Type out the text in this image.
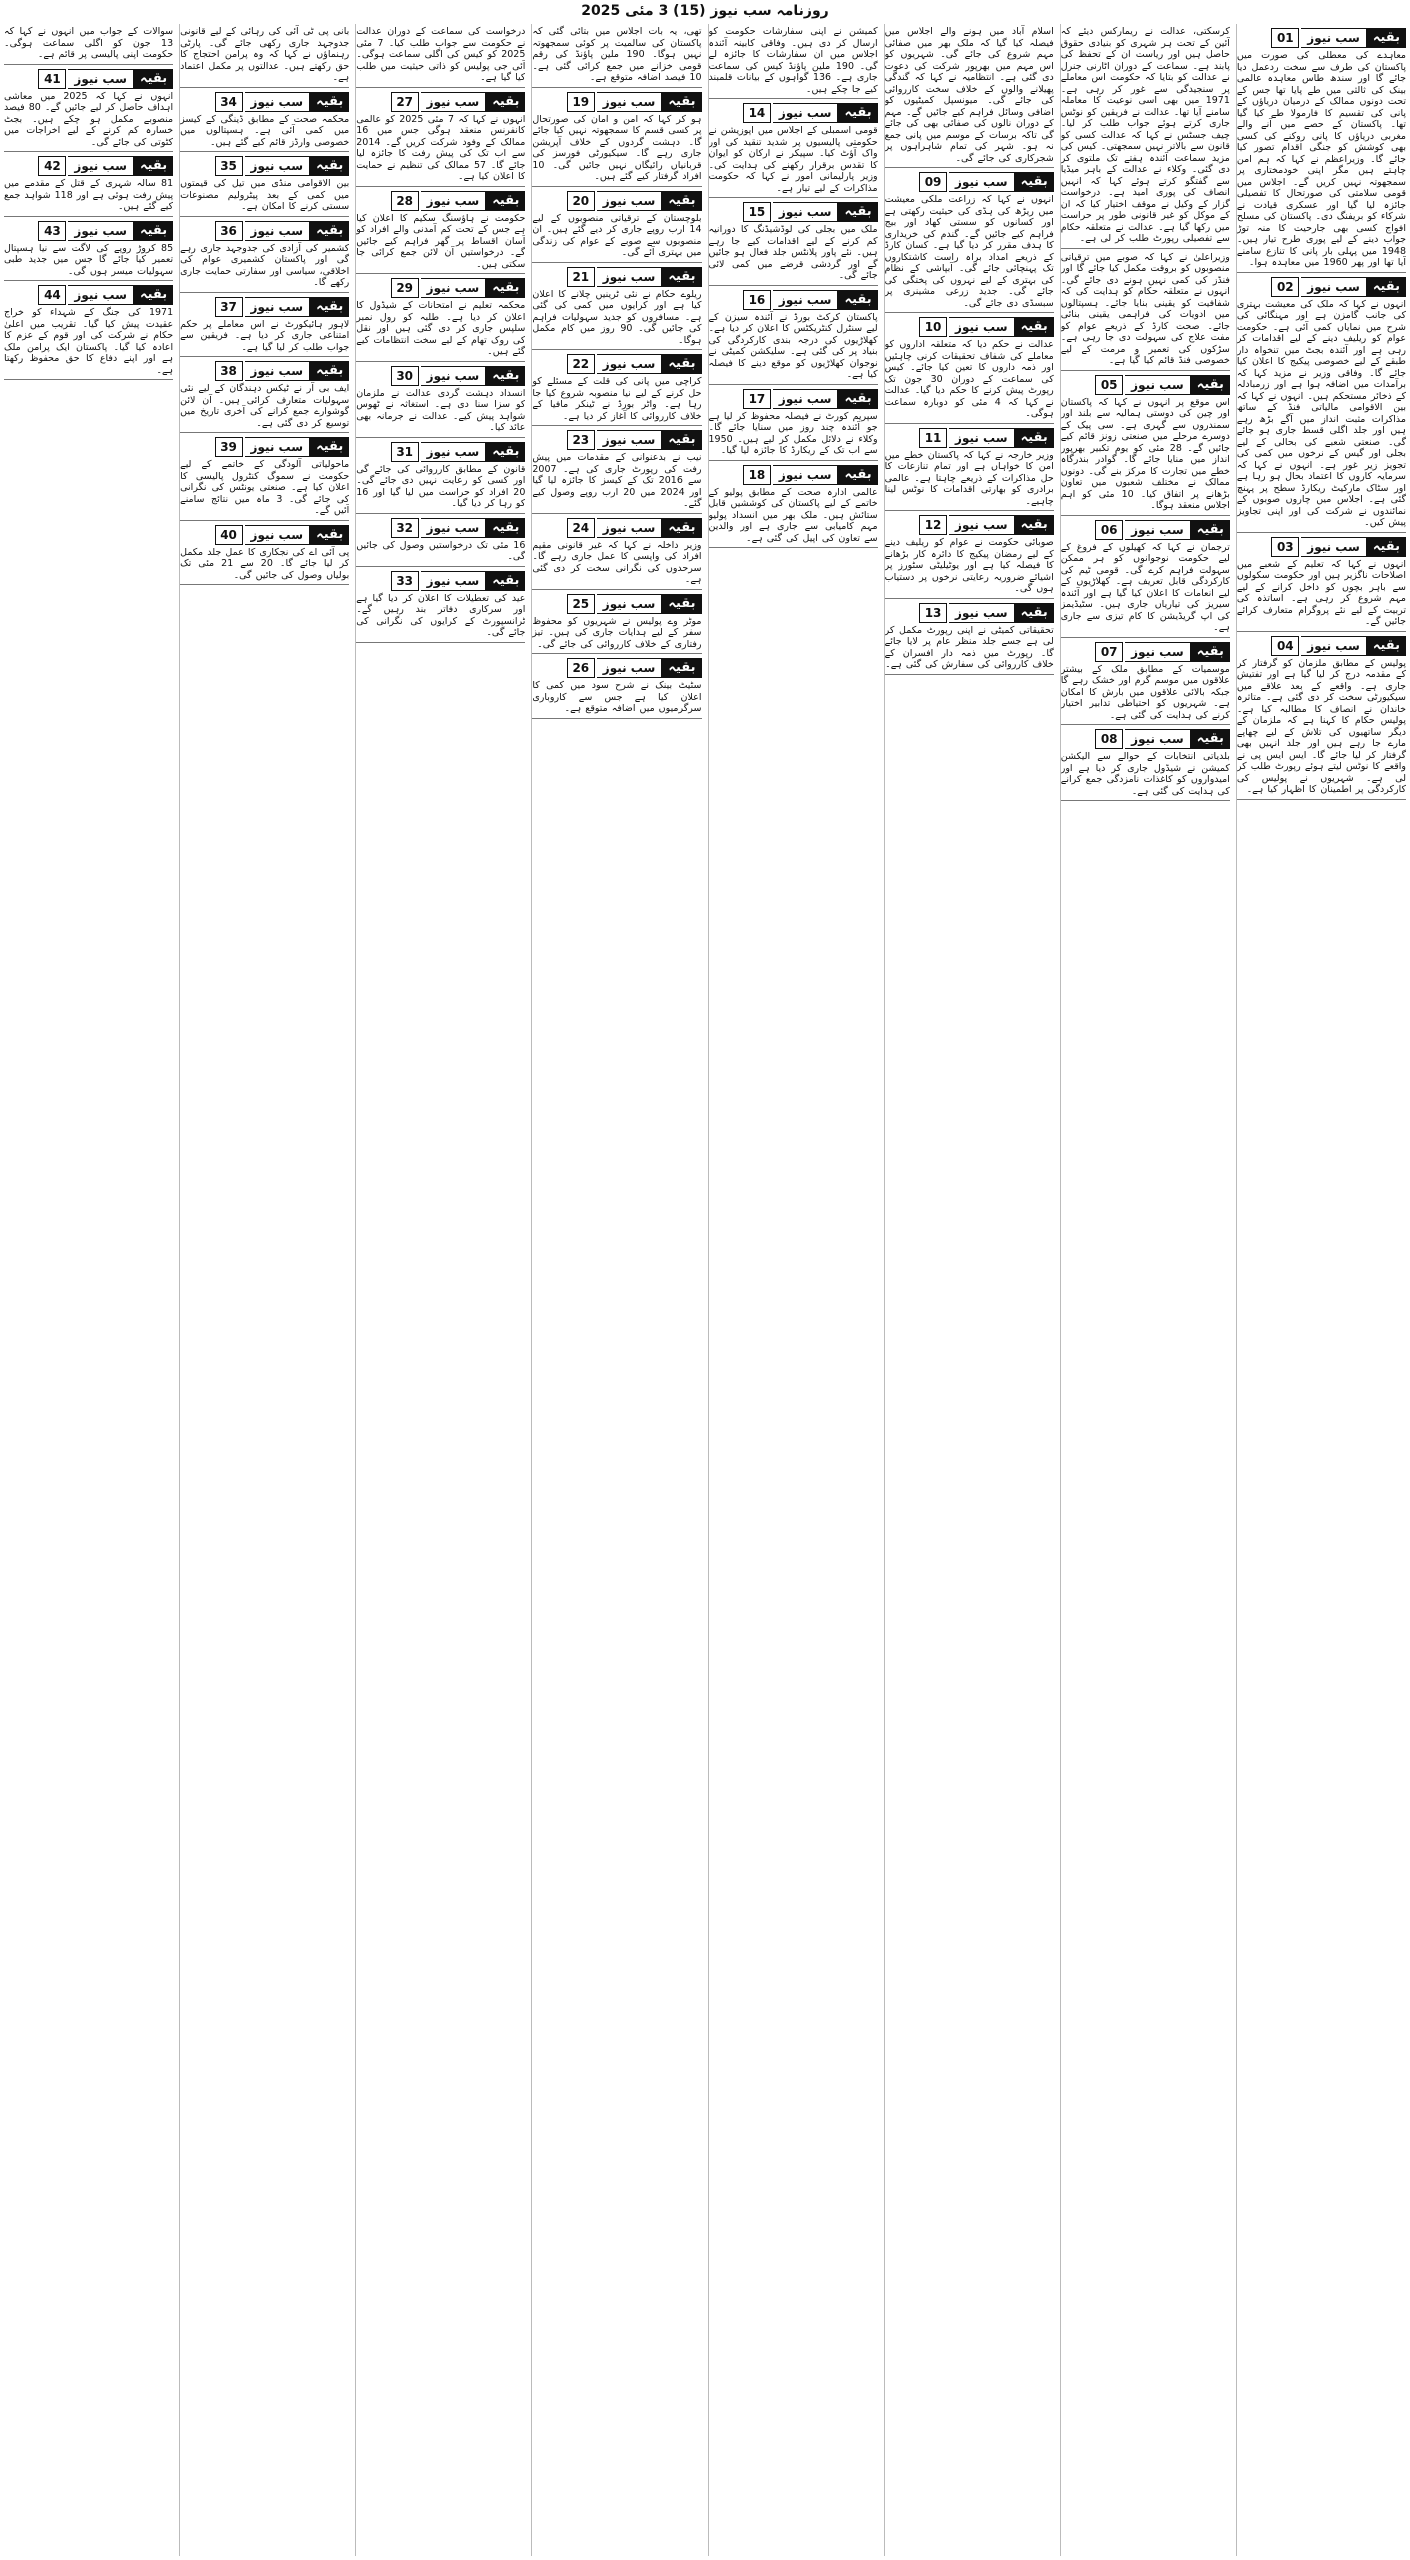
روزنامہ سب نیوز (15) 3 مئی 2025
بقیہ
سب نیوز
01
معاہدے کی معطلی کی صورت میں پاکستان کی طرف سے سخت ردعمل دیا جائے گا اور سندھ طاس معاہدہ عالمی بینک کی ثالثی میں طے پایا تھا جس کے تحت دونوں ممالک کے درمیان دریاؤں کے پانی کی تقسیم کا فارمولا طے کیا گیا تھا۔ پاکستان کے حصے میں آنے والے مغربی دریاؤں کا پانی روکنے کی کسی بھی کوشش کو جنگی اقدام تصور کیا جائے گا۔ وزیراعظم نے کہا کہ ہم امن چاہتے ہیں مگر اپنی خودمختاری پر سمجھوتہ نہیں کریں گے۔ اجلاس میں قومی سلامتی کی صورتحال کا تفصیلی جائزہ لیا گیا اور عسکری قیادت نے شرکاء کو بریفنگ دی۔ پاکستان کی مسلح افواج کسی بھی جارحیت کا منہ توڑ جواب دینے کے لیے پوری طرح تیار ہیں۔ 1948 میں پہلی بار پانی کا تنازع سامنے آیا تھا اور پھر 1960 میں معاہدہ ہوا۔
بقیہ
سب نیوز
02
انہوں نے کہا کہ ملک کی معیشت بہتری کی جانب گامزن ہے اور مہنگائی کی شرح میں نمایاں کمی آئی ہے۔ حکومت عوام کو ریلیف دینے کے لیے اقدامات کر رہی ہے اور آئندہ بجٹ میں تنخواہ دار طبقے کے لیے خصوصی پیکیج کا اعلان کیا جائے گا۔ وفاقی وزیر نے مزید کہا کہ برآمدات میں اضافہ ہوا ہے اور زرمبادلہ کے ذخائر مستحکم ہیں۔ انہوں نے کہا کہ بین الاقوامی مالیاتی فنڈ کے ساتھ مذاکرات مثبت انداز میں آگے بڑھ رہے ہیں اور جلد اگلی قسط جاری ہو جائے گی۔ صنعتی شعبے کی بحالی کے لیے بجلی اور گیس کے نرخوں میں کمی کی تجویز زیر غور ہے۔ انہوں نے کہا کہ سرمایہ کاروں کا اعتماد بحال ہو رہا ہے اور سٹاک مارکیٹ ریکارڈ سطح پر پہنچ گئی ہے۔ اجلاس میں چاروں صوبوں کے نمائندوں نے شرکت کی اور اپنی تجاویز پیش کیں۔
بقیہ
سب نیوز
03
انہوں نے کہا کہ تعلیم کے شعبے میں اصلاحات ناگزیر ہیں اور حکومت سکولوں سے باہر بچوں کو داخل کرانے کے لیے مہم شروع کر رہی ہے۔ اساتذہ کی تربیت کے لیے نئے پروگرام متعارف کرائے جائیں گے۔
بقیہ
سب نیوز
04
پولیس کے مطابق ملزمان کو گرفتار کر کے مقدمہ درج کر لیا گیا ہے اور تفتیش جاری ہے۔ واقعے کے بعد علاقے میں سیکیورٹی سخت کر دی گئی ہے۔ متاثرہ خاندان نے انصاف کا مطالبہ کیا ہے۔ پولیس حکام کا کہنا ہے کہ ملزمان کے دیگر ساتھیوں کی تلاش کے لیے چھاپے مارے جا رہے ہیں اور جلد انہیں بھی گرفتار کر لیا جائے گا۔ ایس ایس پی نے واقعے کا نوٹس لیتے ہوئے رپورٹ طلب کر لی ہے۔ شہریوں نے پولیس کی کارکردگی پر اطمینان کا اظہار کیا ہے۔
کرسکتی، عدالت نے ریمارکس دیئے کہ آئین کے تحت ہر شہری کو بنیادی حقوق حاصل ہیں اور ریاست ان کے تحفظ کی پابند ہے۔ سماعت کے دوران اٹارنی جنرل نے عدالت کو بتایا کہ حکومت اس معاملے پر سنجیدگی سے غور کر رہی ہے۔ 1971 میں بھی اسی نوعیت کا معاملہ سامنے آیا تھا۔ عدالت نے فریقین کو نوٹس جاری کرتے ہوئے جواب طلب کر لیا۔ چیف جسٹس نے کہا کہ عدالت کسی کو قانون سے بالاتر نہیں سمجھتی۔ کیس کی مزید سماعت آئندہ ہفتے تک ملتوی کر دی گئی۔ وکلاء نے عدالت کے باہر میڈیا سے گفتگو کرتے ہوئے کہا کہ انہیں انصاف کی پوری امید ہے۔ درخواست گزار کے وکیل نے موقف اختیار کیا کہ ان کے موکل کو غیر قانونی طور پر حراست میں رکھا گیا ہے۔ عدالت نے متعلقہ حکام سے تفصیلی رپورٹ طلب کر لی ہے۔
وزیراعلیٰ نے کہا کہ صوبے میں ترقیاتی منصوبوں کو بروقت مکمل کیا جائے گا اور فنڈز کی کمی نہیں ہونے دی جائے گی۔ انہوں نے متعلقہ حکام کو ہدایت کی کہ شفافیت کو یقینی بنایا جائے۔ ہسپتالوں میں ادویات کی فراہمی یقینی بنائی جائے۔ صحت کارڈ کے ذریعے عوام کو مفت علاج کی سہولت دی جا رہی ہے۔ سڑکوں کی تعمیر و مرمت کے لیے خصوصی فنڈ قائم کیا گیا ہے۔
بقیہ
سب نیوز
05
اس موقع پر انہوں نے کہا کہ پاکستان اور چین کی دوستی ہمالیہ سے بلند اور سمندروں سے گہری ہے۔ سی پیک کے دوسرے مرحلے میں صنعتی زونز قائم کیے جائیں گے۔ 28 مئی کو یوم تکبیر بھرپور انداز میں منایا جائے گا۔ گوادر بندرگاہ خطے میں تجارت کا مرکز بنے گی۔ دونوں ممالک نے مختلف شعبوں میں تعاون بڑھانے پر اتفاق کیا۔ 10 مئی کو اہم اجلاس منعقد ہوگا۔
بقیہ
سب نیوز
06
ترجمان نے کہا کہ کھیلوں کے فروغ کے لیے حکومت نوجوانوں کو ہر ممکن سہولت فراہم کرے گی۔ قومی ٹیم کی کارکردگی قابل تعریف ہے۔ کھلاڑیوں کے لیے انعامات کا اعلان کیا گیا ہے اور آئندہ سیریز کی تیاریاں جاری ہیں۔ سٹیڈیمز کی اپ گریڈیشن کا کام تیزی سے جاری ہے۔
بقیہ
سب نیوز
07
موسمیات کے مطابق ملک کے بیشتر علاقوں میں موسم گرم اور خشک رہے گا جبکہ بالائی علاقوں میں بارش کا امکان ہے۔ شہریوں کو احتیاطی تدابیر اختیار کرنے کی ہدایت کی گئی ہے۔
بقیہ
سب نیوز
08
بلدیاتی انتخابات کے حوالے سے الیکشن کمیشن نے شیڈول جاری کر دیا ہے اور امیدواروں کو کاغذات نامزدگی جمع کرانے کی ہدایت کی گئی ہے۔
اسلام آباد میں ہونے والے اجلاس میں فیصلہ کیا گیا کہ ملک بھر میں صفائی مہم شروع کی جائے گی۔ شہریوں کو اس مہم میں بھرپور شرکت کی دعوت دی گئی ہے۔ انتظامیہ نے کہا کہ گندگی پھیلانے والوں کے خلاف سخت کارروائی کی جائے گی۔ میونسپل کمیٹیوں کو اضافی وسائل فراہم کیے جائیں گے۔ مہم کے دوران نالوں کی صفائی بھی کی جائے گی تاکہ برسات کے موسم میں پانی جمع نہ ہو۔ شہر کی تمام شاہراہوں پر شجرکاری کی جائے گی۔
بقیہ
سب نیوز
09
انہوں نے کہا کہ زراعت ملکی معیشت میں ریڑھ کی ہڈی کی حیثیت رکھتی ہے اور کسانوں کو سستی کھاد اور بیج فراہم کیے جائیں گے۔ گندم کی خریداری کا ہدف مقرر کر دیا گیا ہے۔ کسان کارڈ کے ذریعے امداد براہ راست کاشتکاروں تک پہنچائی جائے گی۔ آبپاشی کے نظام کی بہتری کے لیے نہروں کی پختگی کی جائے گی۔ جدید زرعی مشینری پر سبسڈی دی جائے گی۔
بقیہ
سب نیوز
10
عدالت نے حکم دیا کہ متعلقہ اداروں کو معاملے کی شفاف تحقیقات کرنی چاہئیں اور ذمہ داروں کا تعین کیا جائے۔ کیس کی سماعت کے دوران 30 جون تک رپورٹ پیش کرنے کا حکم دیا گیا۔ عدالت نے کہا کہ 4 مئی کو دوبارہ سماعت ہوگی۔
بقیہ
سب نیوز
11
وزیر خارجہ نے کہا کہ پاکستان خطے میں امن کا خواہاں ہے اور تمام تنازعات کا حل مذاکرات کے ذریعے چاہتا ہے۔ عالمی برادری کو بھارتی اقدامات کا نوٹس لینا چاہیے۔
بقیہ
سب نیوز
12
صوبائی حکومت نے عوام کو ریلیف دینے کے لیے رمضان پیکیج کا دائرہ کار بڑھانے کا فیصلہ کیا ہے اور یوٹیلیٹی سٹورز پر اشیائے ضروریہ رعایتی نرخوں پر دستیاب ہوں گی۔
بقیہ
سب نیوز
13
تحقیقاتی کمیٹی نے اپنی رپورٹ مکمل کر لی ہے جسے جلد منظر عام پر لایا جائے گا۔ رپورٹ میں ذمہ دار افسران کے خلاف کارروائی کی سفارش کی گئی ہے۔
کمیشن نے اپنی سفارشات حکومت کو ارسال کر دی ہیں۔ وفاقی کابینہ آئندہ اجلاس میں ان سفارشات کا جائزہ لے گی۔ 190 ملین پاؤنڈ کیس کی سماعت جاری ہے۔ 136 گواہوں کے بیانات قلمبند کیے جا چکے ہیں۔
بقیہ
سب نیوز
14
قومی اسمبلی کے اجلاس میں اپوزیشن نے حکومتی پالیسیوں پر شدید تنقید کی اور واک آؤٹ کیا۔ سپیکر نے ارکان کو ایوان کا تقدس برقرار رکھنے کی ہدایت کی۔ وزیر پارلیمانی امور نے کہا کہ حکومت مذاکرات کے لیے تیار ہے۔
بقیہ
سب نیوز
15
ملک میں بجلی کی لوڈشیڈنگ کا دورانیہ کم کرنے کے لیے اقدامات کیے جا رہے ہیں۔ نئے پاور پلانٹس جلد فعال ہو جائیں گے اور گردشی قرضے میں کمی لائی جائے گی۔
بقیہ
سب نیوز
16
پاکستان کرکٹ بورڈ نے آئندہ سیزن کے لیے سنٹرل کنٹریکٹس کا اعلان کر دیا ہے۔ کھلاڑیوں کی درجہ بندی کارکردگی کی بنیاد پر کی گئی ہے۔ سلیکشن کمیٹی نے نوجوان کھلاڑیوں کو موقع دینے کا فیصلہ کیا ہے۔
بقیہ
سب نیوز
17
سپریم کورٹ نے فیصلہ محفوظ کر لیا ہے جو آئندہ چند روز میں سنایا جائے گا۔ وکلاء نے دلائل مکمل کر لیے ہیں۔ 1950 سے اب تک کے ریکارڈ کا جائزہ لیا گیا۔
بقیہ
سب نیوز
18
عالمی ادارہ صحت کے مطابق پولیو کے خاتمے کے لیے پاکستان کی کوششیں قابل ستائش ہیں۔ ملک بھر میں انسداد پولیو مہم کامیابی سے جاری ہے اور والدین سے تعاون کی اپیل کی گئی ہے۔
تھی، یہ بات اجلاس میں بتائی گئی کہ پاکستان کی سالمیت پر کوئی سمجھوتہ نہیں ہوگا۔ 190 ملین پاؤنڈ کی رقم قومی خزانے میں جمع کرائی گئی ہے۔ 10 فیصد اضافہ متوقع ہے۔
بقیہ
سب نیوز
19
ہو کر کہا کہ امن و امان کی صورتحال پر کسی قسم کا سمجھوتہ نہیں کیا جائے گا۔ دہشت گردوں کے خلاف آپریشن جاری رہے گا۔ سیکیورٹی فورسز کی قربانیاں رائیگاں نہیں جائیں گی۔ 10 افراد گرفتار کیے گئے ہیں۔
بقیہ
سب نیوز
20
بلوچستان کے ترقیاتی منصوبوں کے لیے 14 ارب روپے جاری کر دیے گئے ہیں۔ ان منصوبوں سے صوبے کے عوام کی زندگی میں بہتری آئے گی۔
بقیہ
سب نیوز
21
ریلوے حکام نے نئی ٹرینیں چلانے کا اعلان کیا ہے اور کرایوں میں کمی کی گئی ہے۔ مسافروں کو جدید سہولیات فراہم کی جائیں گی۔ 90 روز میں کام مکمل ہوگا۔
بقیہ
سب نیوز
22
کراچی میں پانی کی قلت کے مسئلے کو حل کرنے کے لیے نیا منصوبہ شروع کیا جا رہا ہے۔ واٹر بورڈ نے ٹینکر مافیا کے خلاف کارروائی کا آغاز کر دیا ہے۔
بقیہ
سب نیوز
23
نیب نے بدعنوانی کے مقدمات میں پیش رفت کی رپورٹ جاری کی ہے۔ 2007 سے 2016 تک کے کیسز کا جائزہ لیا گیا اور 2024 میں 20 ارب روپے وصول کیے گئے۔
بقیہ
سب نیوز
24
وزیر داخلہ نے کہا کہ غیر قانونی مقیم افراد کی واپسی کا عمل جاری رہے گا۔ سرحدوں کی نگرانی سخت کر دی گئی ہے۔
بقیہ
سب نیوز
25
موٹر وے پولیس نے شہریوں کو محفوظ سفر کے لیے ہدایات جاری کی ہیں۔ تیز رفتاری کے خلاف کارروائی کی جائے گی۔
بقیہ
سب نیوز
26
سٹیٹ بینک نے شرح سود میں کمی کا اعلان کیا ہے جس سے کاروباری سرگرمیوں میں اضافہ متوقع ہے۔
درخواست کی سماعت کے دوران عدالت نے حکومت سے جواب طلب کیا۔ 7 مئی 2025 کو کیس کی اگلی سماعت ہوگی۔ آئی جی پولیس کو ذاتی حیثیت میں طلب کیا گیا ہے۔
بقیہ
سب نیوز
27
انہوں نے کہا کہ 7 مئی 2025 کو عالمی کانفرنس منعقد ہوگی جس میں 16 ممالک کے وفود شرکت کریں گے۔ 2014 سے اب تک کی پیش رفت کا جائزہ لیا جائے گا۔ 57 ممالک کی تنظیم نے حمایت کا اعلان کیا ہے۔
بقیہ
سب نیوز
28
حکومت نے ہاؤسنگ سکیم کا اعلان کیا ہے جس کے تحت کم آمدنی والے افراد کو آسان اقساط پر گھر فراہم کیے جائیں گے۔ درخواستیں آن لائن جمع کرائی جا سکتی ہیں۔
بقیہ
سب نیوز
29
محکمہ تعلیم نے امتحانات کے شیڈول کا اعلان کر دیا ہے۔ طلبہ کو رول نمبر سلپس جاری کر دی گئی ہیں اور نقل کی روک تھام کے لیے سخت انتظامات کیے گئے ہیں۔
بقیہ
سب نیوز
30
انسداد دہشت گردی عدالت نے ملزمان کو سزا سنا دی ہے۔ استغاثہ نے ٹھوس شواہد پیش کیے۔ عدالت نے جرمانہ بھی عائد کیا۔
بقیہ
سب نیوز
31
قانون کے مطابق کارروائی کی جائے گی اور کسی کو رعایت نہیں دی جائے گی۔ 20 افراد کو حراست میں لیا گیا اور 16 کو رہا کر دیا گیا۔
بقیہ
سب نیوز
32
16 مئی تک درخواستیں وصول کی جائیں گی۔
بقیہ
سب نیوز
33
عید کی تعطیلات کا اعلان کر دیا گیا ہے اور سرکاری دفاتر بند رہیں گے۔ ٹرانسپورٹ کے کرایوں کی نگرانی کی جائے گی۔
بانی پی ٹی آئی کی رہائی کے لیے قانونی جدوجہد جاری رکھی جائے گی۔ پارٹی رہنماؤں نے کہا کہ وہ پرامن احتجاج کا حق رکھتے ہیں۔ عدالتوں پر مکمل اعتماد ہے۔
بقیہ
سب نیوز
34
محکمہ صحت کے مطابق ڈینگی کے کیسز میں کمی آئی ہے۔ ہسپتالوں میں خصوصی وارڈز قائم کیے گئے ہیں۔
بقیہ
سب نیوز
35
بین الاقوامی منڈی میں تیل کی قیمتوں میں کمی کے بعد پیٹرولیم مصنوعات سستی کرنے کا امکان ہے۔
بقیہ
سب نیوز
36
کشمیر کی آزادی کی جدوجہد جاری رہے گی اور پاکستان کشمیری عوام کی اخلاقی، سیاسی اور سفارتی حمایت جاری رکھے گا۔
بقیہ
سب نیوز
37
لاہور ہائیکورٹ نے اس معاملے پر حکم امتناعی جاری کر دیا ہے۔ فریقین سے جواب طلب کر لیا گیا ہے۔
بقیہ
سب نیوز
38
ایف بی آر نے ٹیکس دہندگان کے لیے نئی سہولیات متعارف کرائی ہیں۔ آن لائن گوشوارے جمع کرانے کی آخری تاریخ میں توسیع کر دی گئی ہے۔
بقیہ
سب نیوز
39
ماحولیاتی آلودگی کے خاتمے کے لیے حکومت نے سموگ کنٹرول پالیسی کا اعلان کیا ہے۔ صنعتی یونٹس کی نگرانی کی جائے گی۔ 3 ماہ میں نتائج سامنے آئیں گے۔
بقیہ
سب نیوز
40
پی آئی اے کی نجکاری کا عمل جلد مکمل کر لیا جائے گا۔ 20 سے 21 مئی تک بولیاں وصول کی جائیں گی۔
سوالات کے جواب میں انہوں نے کہا کہ 13 جون کو اگلی سماعت ہوگی۔ حکومت اپنی پالیسی پر قائم ہے۔
بقیہ
سب نیوز
41
انہوں نے کہا کہ 2025 میں معاشی اہداف حاصل کر لیے جائیں گے۔ 80 فیصد منصوبے مکمل ہو چکے ہیں۔ بجٹ خسارہ کم کرنے کے لیے اخراجات میں کٹوتی کی جائے گی۔
بقیہ
سب نیوز
42
81 سالہ شہری کے قتل کے مقدمے میں پیش رفت ہوئی ہے اور 118 شواہد جمع کیے گئے ہیں۔
بقیہ
سب نیوز
43
85 کروڑ روپے کی لاگت سے نیا ہسپتال تعمیر کیا جائے گا جس میں جدید طبی سہولیات میسر ہوں گی۔
بقیہ
سب نیوز
44
1971 کی جنگ کے شہداء کو خراج عقیدت پیش کیا گیا۔ تقریب میں اعلیٰ حکام نے شرکت کی اور قوم کے عزم کا اعادہ کیا گیا۔ پاکستان ایک پرامن ملک ہے اور اپنے دفاع کا حق محفوظ رکھتا ہے۔
